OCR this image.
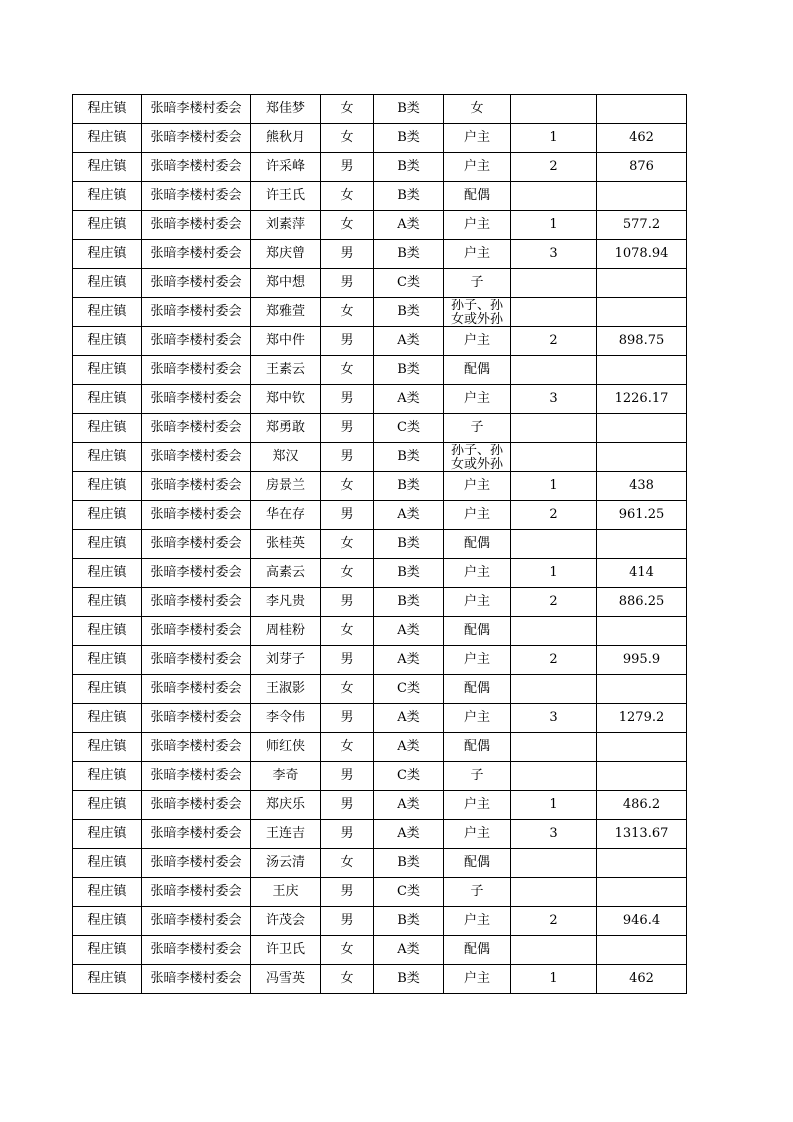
程庄镇	张暗李楼村委会	郑佳梦	女	B类	女		
程庄镇	张暗李楼村委会	熊秋月	女	B类	户主	1	462
程庄镇	张暗李楼村委会	许采峰	男	B类	户主	2	876
程庄镇	张暗李楼村委会	许王氏	女	B类	配偶		
程庄镇	张暗李楼村委会	刘素萍	女	A类	户主	1	577.2
程庄镇	张暗李楼村委会	郑庆曾	男	B类	户主	3	1078.94
程庄镇	张暗李楼村委会	郑中想	男	C类	子		
程庄镇	张暗李楼村委会	郑雅萱	女	B类	孙子、孙女或外孙		

程庄镇	张暗李楼村委会	郑中件	男	A类	户主	2	898.75
程庄镇	张暗李楼村委会	王素云	女	B类	配偶		
程庄镇	张暗李楼村委会	郑中钦	男	A类	户主	3	1226.17
程庄镇	张暗李楼村委会	郑勇敢	男	C类	子		
程庄镇	张暗李楼村委会	郑汉	男	B类	孙子、孙女或外孙		

程庄镇	张暗李楼村委会	房景兰	女	B类	户主	1	438
程庄镇	张暗李楼村委会	华在存	男	A类	户主	2	961.25
程庄镇	张暗李楼村委会	张桂英	女	B类	配偶		
程庄镇	张暗李楼村委会	高素云	女	B类	户主	1	414
程庄镇	张暗李楼村委会	李凡贵	男	B类	户主	2	886.25
程庄镇	张暗李楼村委会	周桂粉	女	A类	配偶		
程庄镇	张暗李楼村委会	刘芽子	男	A类	户主	2	995.9
程庄镇	张暗李楼村委会	王淑影	女	C类	配偶		
程庄镇	张暗李楼村委会	李令伟	男	A类	户主	3	1279.2
程庄镇	张暗李楼村委会	师红侠	女	A类	配偶		
程庄镇	张暗李楼村委会	李奇	男	C类	子		
程庄镇	张暗李楼村委会	郑庆乐	男	A类	户主	1	486.2
程庄镇	张暗李楼村委会	王连吉	男	A类	户主	3	1313.67
程庄镇	张暗李楼村委会	汤云清	女	B类	配偶		
程庄镇	张暗李楼村委会	王庆	男	C类	子		
程庄镇	张暗李楼村委会	许茂会	男	B类	户主	2	946.4
程庄镇	张暗李楼村委会	许卫氏	女	A类	配偶		
程庄镇	张暗李楼村委会	冯雪英	女	B类	户主	1	462
